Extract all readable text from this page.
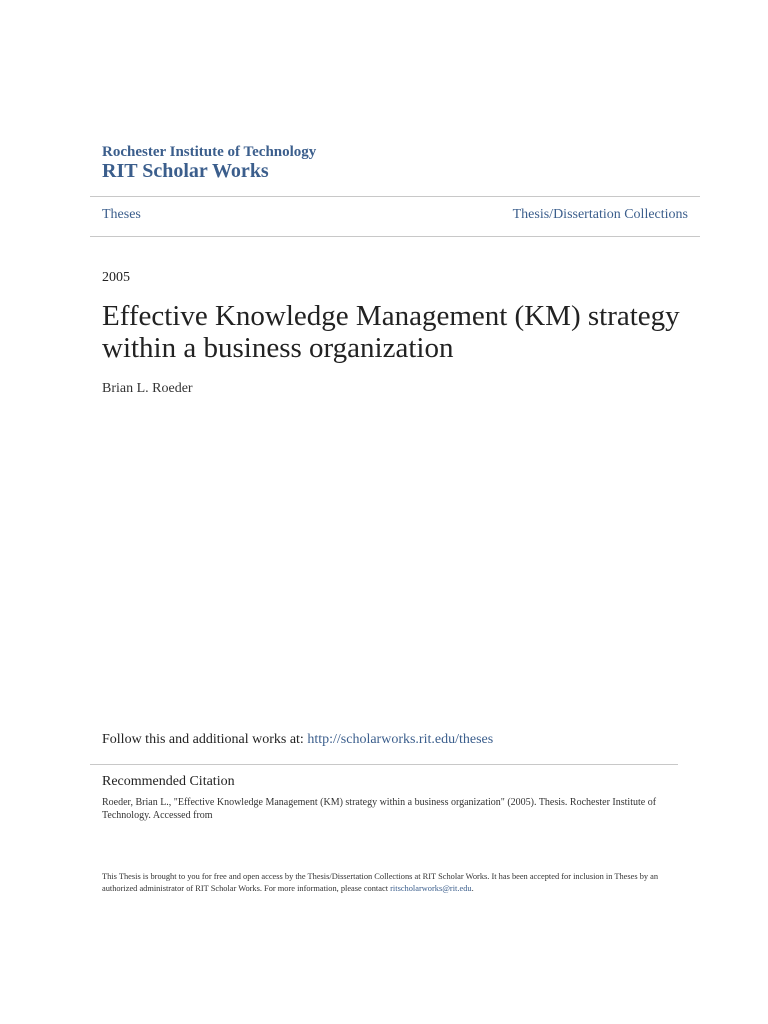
Rochester Institute of Technology
RIT Scholar Works
Theses	Thesis/Dissertation Collections
2005
Effective Knowledge Management (KM) strategy within a business organization
Brian L. Roeder
Follow this and additional works at: http://scholarworks.rit.edu/theses
Recommended Citation
Roeder, Brian L., "Effective Knowledge Management (KM) strategy within a business organization" (2005). Thesis. Rochester Institute of Technology. Accessed from
This Thesis is brought to you for free and open access by the Thesis/Dissertation Collections at RIT Scholar Works. It has been accepted for inclusion in Theses by an authorized administrator of RIT Scholar Works. For more information, please contact ritscholarworks@rit.edu.
